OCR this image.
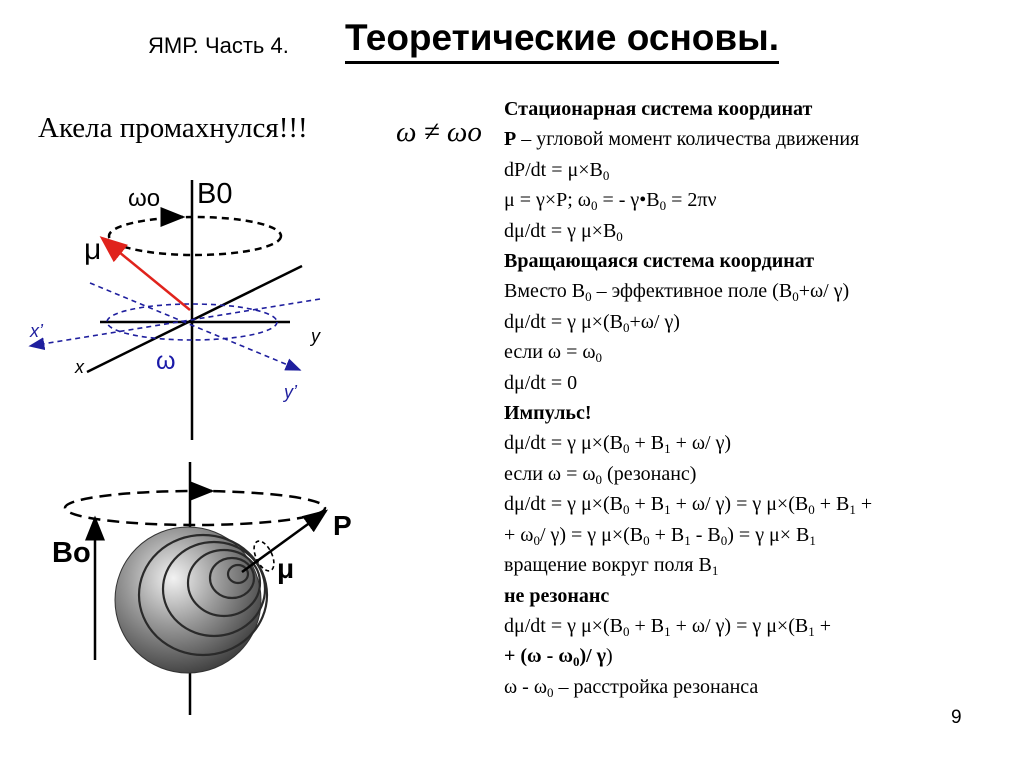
ЯМР. Часть 4. Теоретические основы.
Акела промахнулся!!!	ω ≠ ωo
ωo B0
μ
x’	y
x	ω
y’
Bo
P
μ
Стационарная система координат
P – угловой момент количества движения
$dP/dt = \mu\times B_0$
μ = γ×P; $\omega_0$ = - $\gamma•B_0 = 2\pi\nu$
dμ/dt = γ $\mu\times B_0$
Вращающаяся система координат
Вместо $B_0$ – эффективное поле ($B_0+\omega/$ γ)
dμ/dt = γ $\mu\times(B_0+\omega/$ γ)
если $\omega = \omega_0$
dμ/dt = 0
Импульс!
dμ/dt = γ $\mu\times(B_0 + B_1 + \omega/$ γ)
если $\omega = \omega_0$ (резонанс)
dμ/dt = γ $\mu\times(B_0 + B_1 + \omega/$ γ) = γ $\mu\times(B_0 + B_1$ +
+ $\omega_0/$ γ) = γ $\mu\times(B_0 + B_1 - B_0) = \gamma$ $\mu\times B_1$
вращение вокруг поля $B_1$
не резонанс
dμ/dt = γ $\mu\times(B_0 + B_1 + \omega/$ γ) = γ $\mu\times(B_1$ +
+ $(\omega - \omega_0)/$ γ)
ω - $\omega_0$ – расстройка резонанса
9
